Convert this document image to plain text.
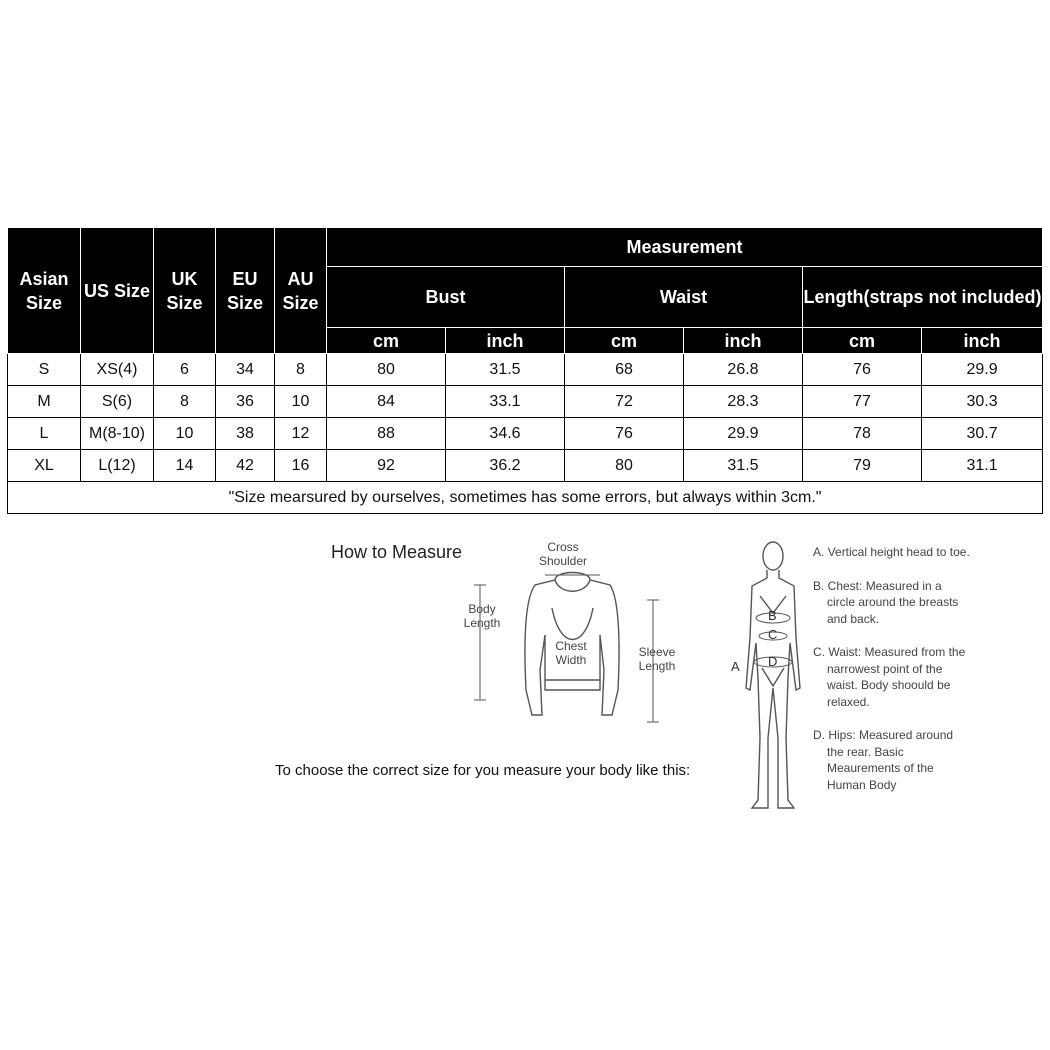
Asian Size	US Size	UK Size	EU Size	AU Size	Measurement					
					Bust		Waist		Length(straps not included)	
					cm	inch	cm	inch	cm	inch
S	XS(4)	6	34	8	80	31.5	68	26.8	76	29.9
M	S(6)	8	36	10	84	33.1	72	28.3	77	30.3
L	M(8-10)	10	38	12	88	34.6	76	29.9	78	30.7
XL	L(12)	14	42	16	92	36.2	80	31.5	79	31.1
"Size mearsured by ourselves, sometimes has some errors, but always within 3cm."										
How to Measure
To choose the correct size for you measure your body like this:
Cross
Shoulder
Body
Length
Chest
Width
Sleeve
Length	A
B
C
D
A. Vertical height head to toe.
B. Chest: Measured in a circle around the breasts and back.
C. Waist: Measured from the narrowest point of the waist. Body shoould be relaxed.
D. Hips: Measured around the rear. Basic Meaurements of the Human Body
